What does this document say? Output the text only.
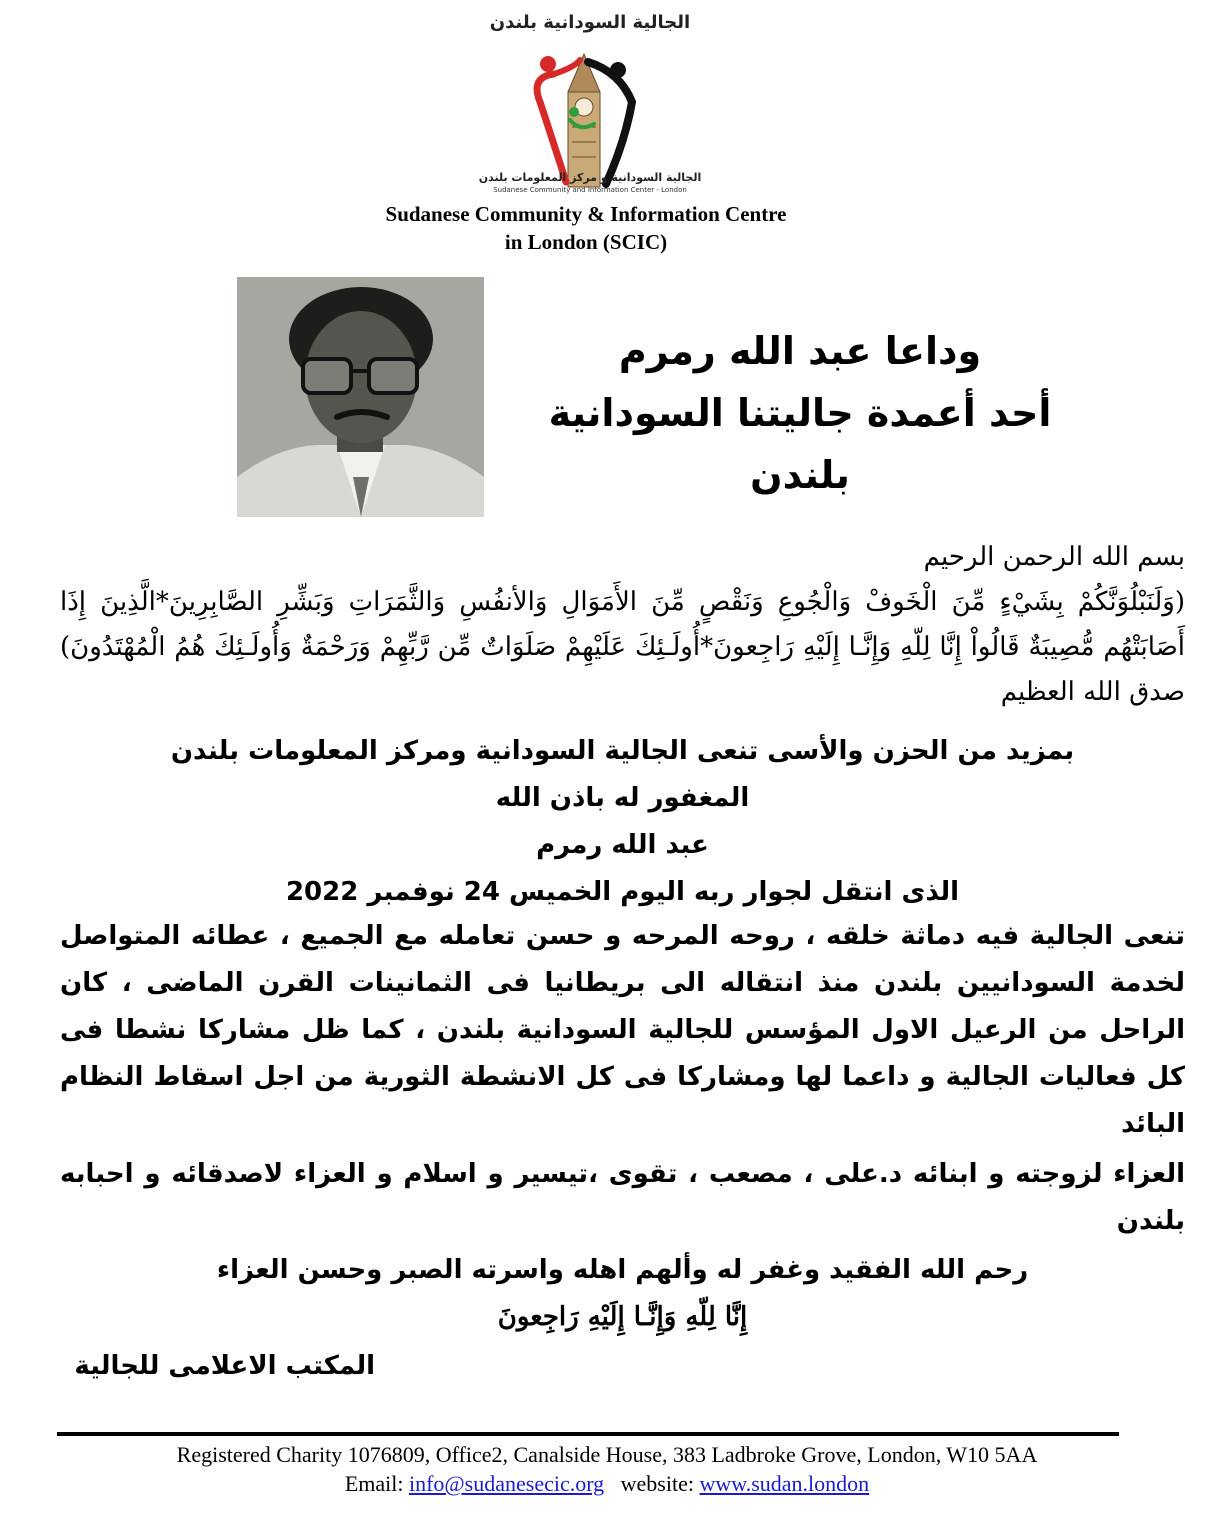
الجالية السودانية بلندن
الجالية السودانية و مركز المعلومات بلندن
Sudanese Community and Information Center - London
Sudanese Community & Information Centre
in London (SCIC)
وداعا عبد الله رمرم
أحد أعمدة جاليتنا السودانية بلندن
بسم الله الرحمن الرحيم
(وَلَنَبْلُوَنَّكُمْ بِشَيْءٍ مِّنَ الْخَوفْ وَالْجُوعِ وَنَقْصٍ مِّنَ الأَمَوَالِ وَالأنفُسِ وَالثَّمَرَاتِ وَبَشِّرِ الصَّابِرِينَ*الَّذِينَ إِذَا أَصَابَتْهُم مُّصِيبَةٌ قَالُواْ إِنَّا لِلّهِ وَإِنَّـا إِلَيْهِ رَاجِعونَ*أُولَـئِكَ عَلَيْهِمْ صَلَوَاتٌ مِّن رَّبِّهِمْ وَرَحْمَةٌ وَأُولَـئِكَ هُمُ الْمُهْتَدُونَ) صدق الله العظيم
بمزيد من الحزن والأسى تنعى الجالية السودانية ومركز المعلومات بلندن
المغفور له باذن الله
عبد الله رمرم
الذى انتقل لجوار ربه اليوم الخميس 24 نوفمبر 2022
تنعى الجالية فيه دماثة خلقه ، روحه المرحه و حسن تعامله مع الجميع ، عطائه المتواصل لخدمة السودانيين بلندن منذ انتقاله الى بريطانيا فى الثمانينات القرن الماضى ، كان الراحل من الرعيل الاول المؤسس للجالية السودانية بلندن ، كما ظل مشاركا نشطا فى كل فعاليات الجالية و داعما لها ومشاركا فى كل الانشطة الثورية من اجل اسقاط النظام البائد
العزاء لزوجته و ابنائه د.على ، مصعب ، تقوى ،تيسير و اسلام و العزاء لاصدقائه و احبابه بلندن
رحم الله الفقيد وغفر له وألهم اهله واسرته الصبر وحسن العزاء
إِنَّا لِلّهِ وَإِنَّـا إِلَيْهِ رَاجِعونَ
المكتب الاعلامى للجالية
Registered Charity 1076809, Office2, Canalside House, 383 Ladbroke Grove, London, W10 5AA
Email: info@sudanesecic.org website: www.sudan.london
